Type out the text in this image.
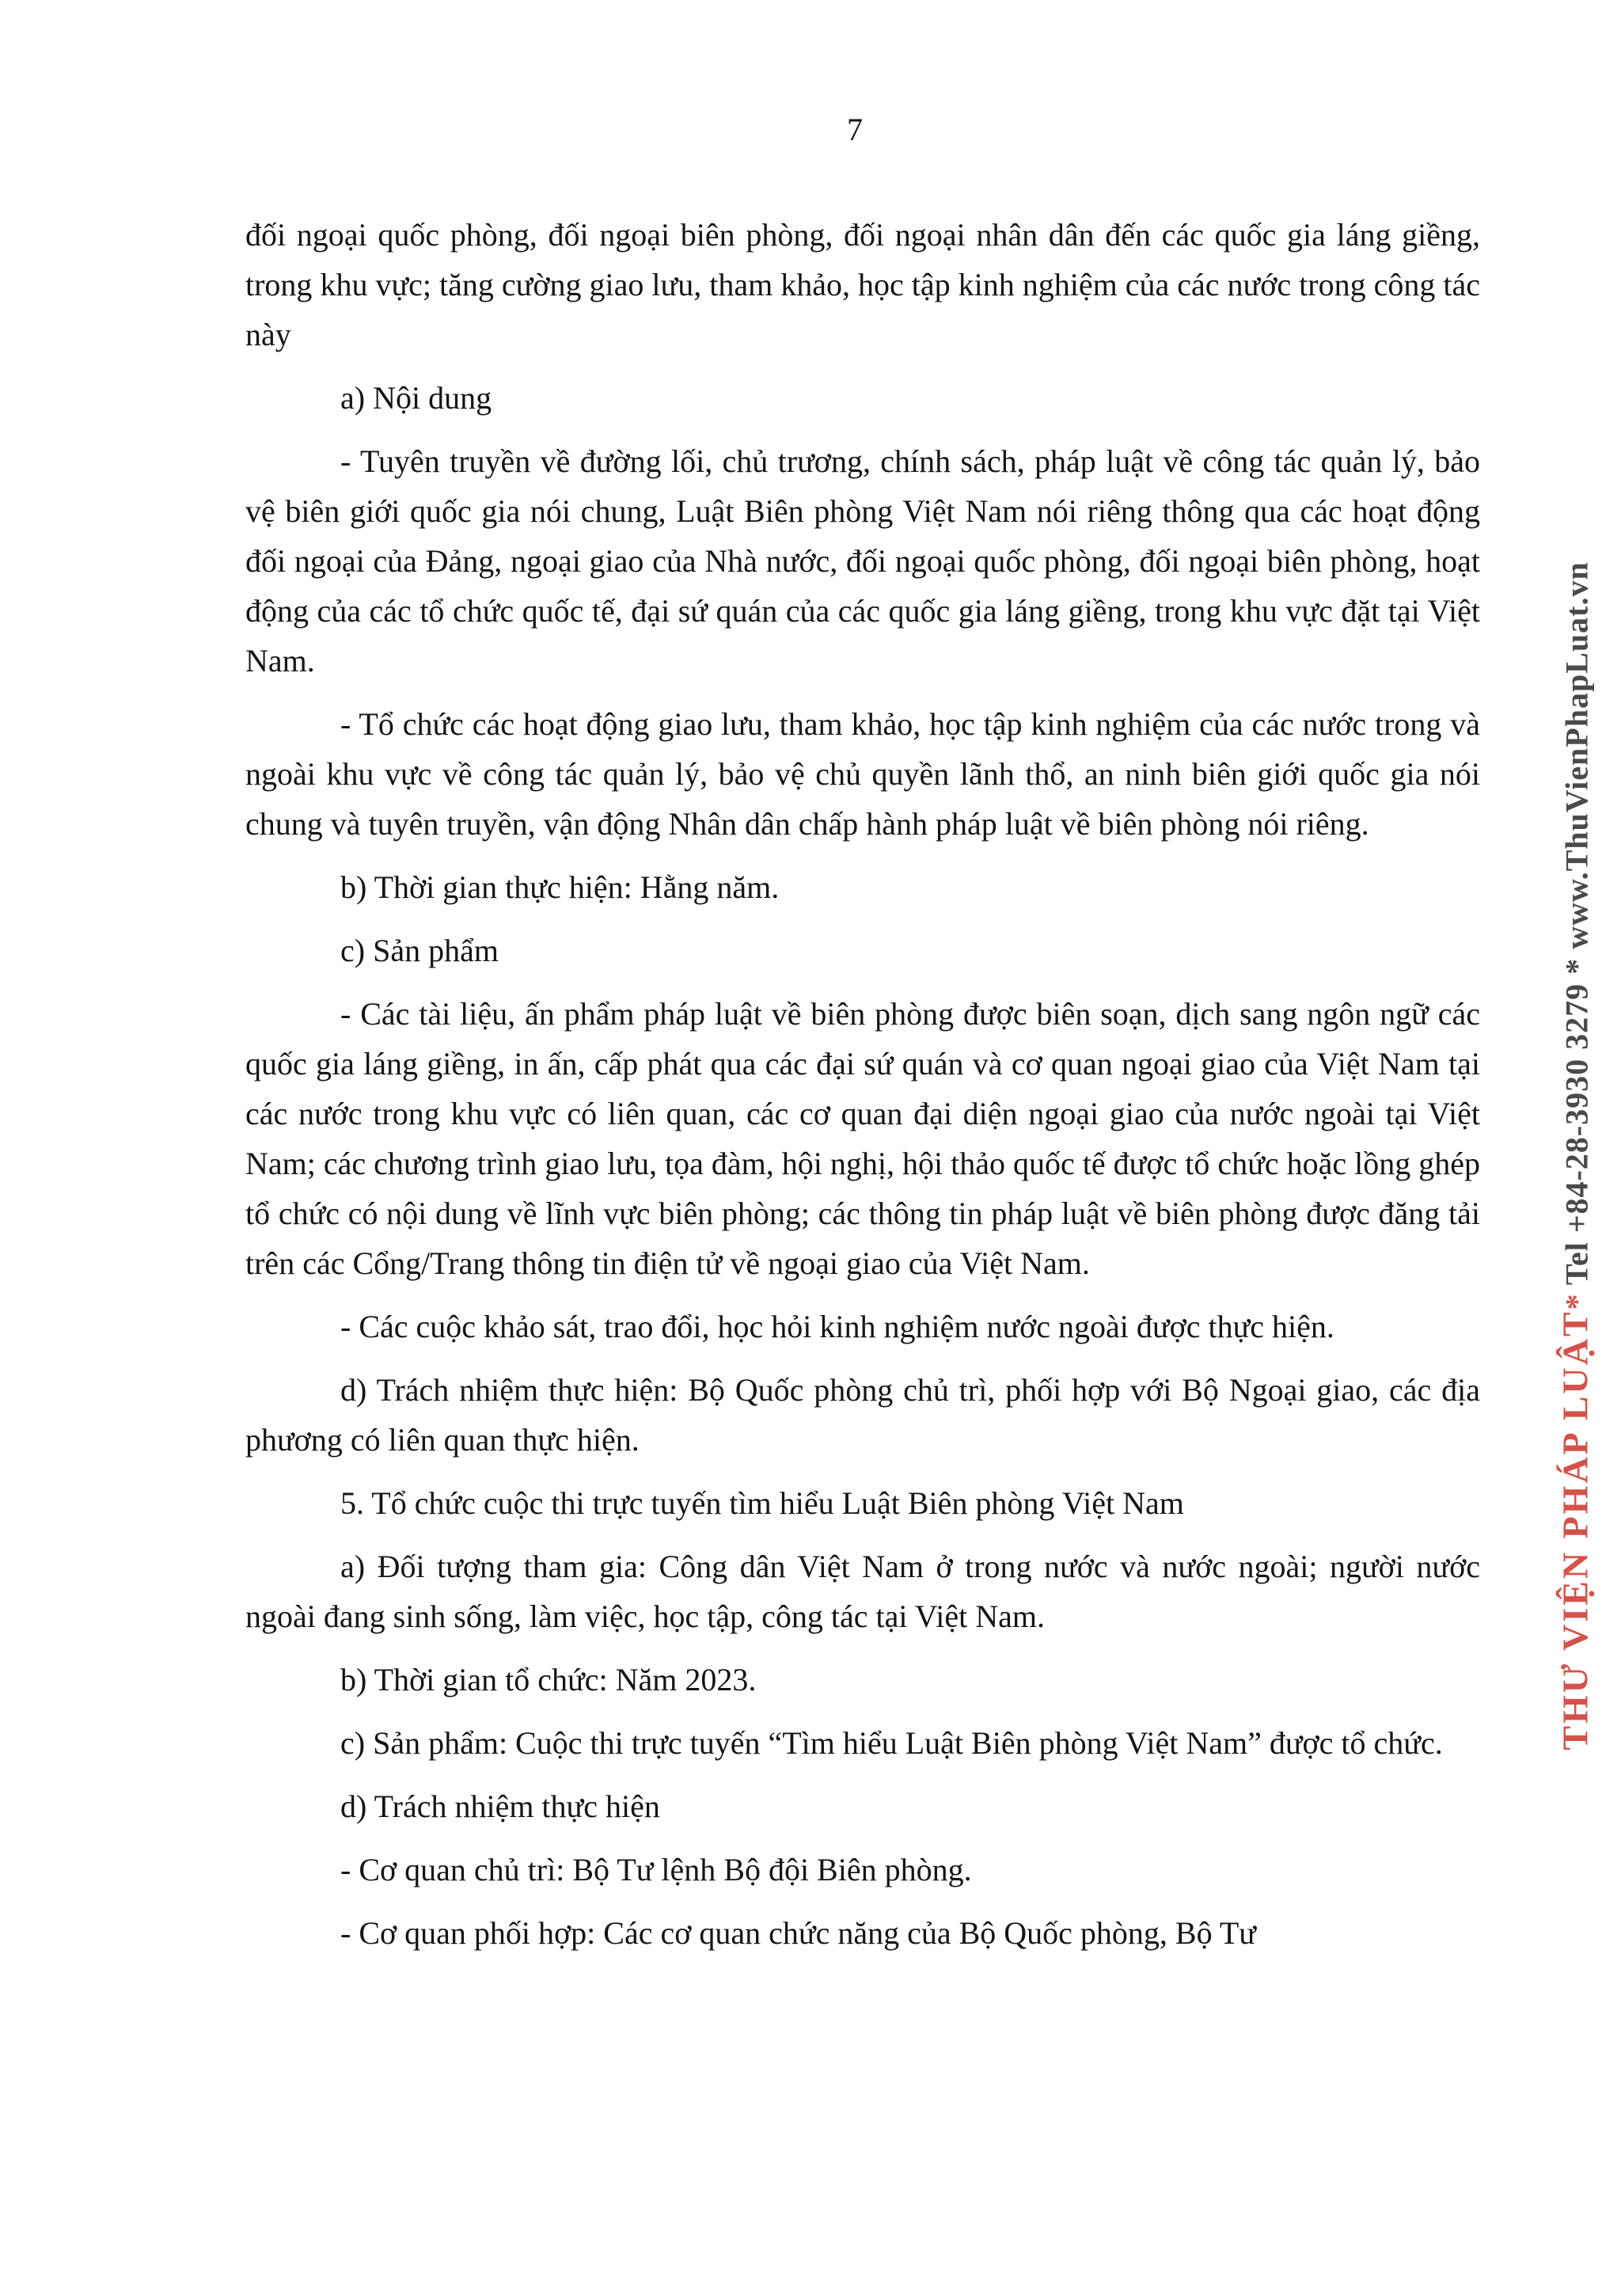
7

đối ngoại quốc phòng, đối ngoại biên phòng, đối ngoại nhân dân đến các quốc gia láng giềng, trong khu vực; tăng cường giao lưu, tham khảo, học tập kinh nghiệm của các nước trong công tác này

a) Nội dung

- Tuyên truyền về đường lối, chủ trương, chính sách, pháp luật về công tác quản lý, bảo vệ biên giới quốc gia nói chung, Luật Biên phòng Việt Nam nói riêng thông qua các hoạt động đối ngoại của Đảng, ngoại giao của Nhà nước, đối ngoại quốc phòng, đối ngoại biên phòng, hoạt động của các tổ chức quốc tế, đại sứ quán của các quốc gia láng giềng, trong khu vực đặt tại Việt Nam.

- Tổ chức các hoạt động giao lưu, tham khảo, học tập kinh nghiệm của các nước trong và ngoài khu vực về công tác quản lý, bảo vệ chủ quyền lãnh thổ, an ninh biên giới quốc gia nói chung và tuyên truyền, vận động Nhân dân chấp hành pháp luật về biên phòng nói riêng.

b) Thời gian thực hiện: Hằng năm.

c) Sản phẩm

- Các tài liệu, ấn phẩm pháp luật về biên phòng được biên soạn, dịch sang ngôn ngữ các quốc gia láng giềng, in ấn, cấp phát qua các đại sứ quán và cơ quan ngoại giao của Việt Nam tại các nước trong khu vực có liên quan, các cơ quan đại diện ngoại giao của nước ngoài tại Việt Nam; các chương trình giao lưu, tọa đàm, hội nghị, hội thảo quốc tế được tổ chức hoặc lồng ghép tổ chức có nội dung về lĩnh vực biên phòng; các thông tin pháp luật về biên phòng được đăng tải trên các Cổng/Trang thông tin điện tử về ngoại giao của Việt Nam.

- Các cuộc khảo sát, trao đổi, học hỏi kinh nghiệm nước ngoài được thực hiện.

d) Trách nhiệm thực hiện: Bộ Quốc phòng chủ trì, phối hợp với Bộ Ngoại giao, các địa phương có liên quan thực hiện.

5. Tổ chức cuộc thi trực tuyến tìm hiểu Luật Biên phòng Việt Nam

a) Đối tượng tham gia: Công dân Việt Nam ở trong nước và nước ngoài; người nước ngoài đang sinh sống, làm việc, học tập, công tác tại Việt Nam.

b) Thời gian tổ chức: Năm 2023.

c) Sản phẩm: Cuộc thi trực tuyến “Tìm hiểu Luật Biên phòng Việt Nam” được tổ chức.

d) Trách nhiệm thực hiện

- Cơ quan chủ trì: Bộ Tư lệnh Bộ đội Biên phòng.

- Cơ quan phối hợp: Các cơ quan chức năng của Bộ Quốc phòng, Bộ Tư

THƯ VIỆN PHÁP LUẬT* Tel +84-28-3930 3279 * www.ThuVienPhapLuat.vn
